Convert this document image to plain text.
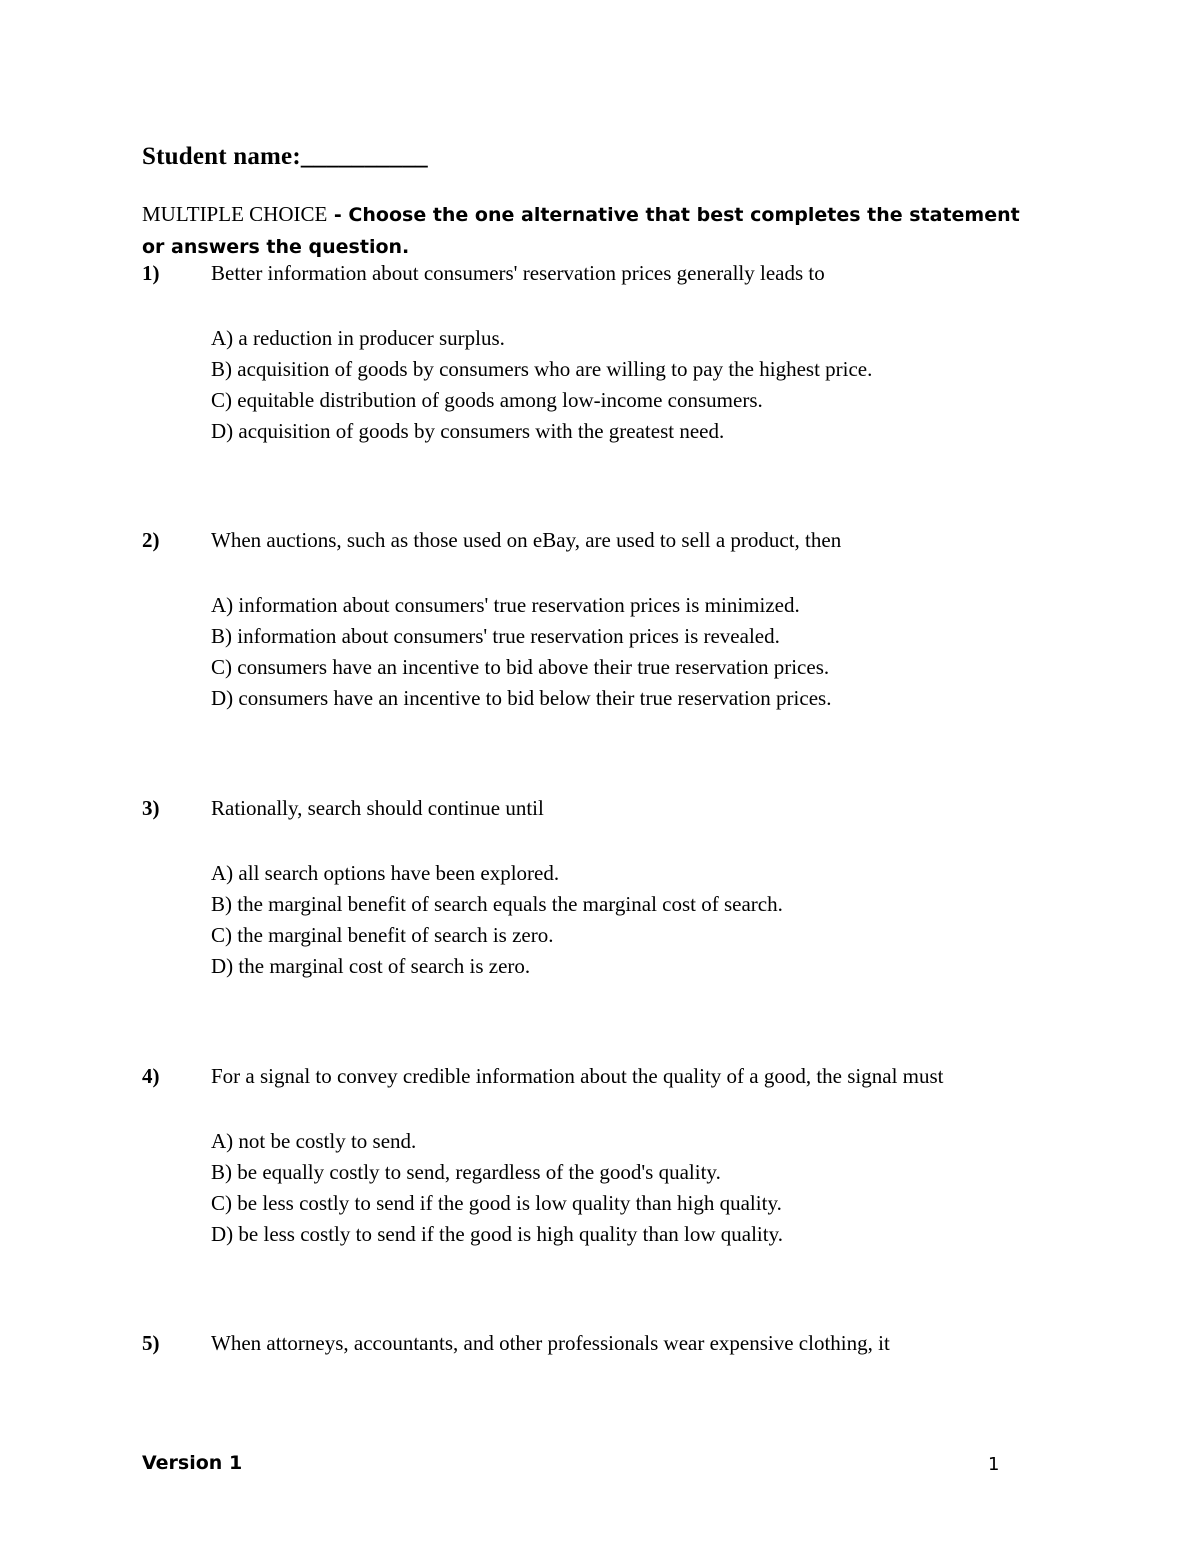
Student name:__________
MULTIPLE CHOICE - Choose the one alternative that best completes the statement or answers the question.
1) Better information about consumers' reservation prices generally leads to
A) a reduction in producer surplus.
B) acquisition of goods by consumers who are willing to pay the highest price.
C) equitable distribution of goods among low-income consumers.
D) acquisition of goods by consumers with the greatest need.
2) When auctions, such as those used on eBay, are used to sell a product, then
A) information about consumers' true reservation prices is minimized.
B) information about consumers' true reservation prices is revealed.
C) consumers have an incentive to bid above their true reservation prices.
D) consumers have an incentive to bid below their true reservation prices.
3) Rationally, search should continue until
A) all search options have been explored.
B) the marginal benefit of search equals the marginal cost of search.
C) the marginal benefit of search is zero.
D) the marginal cost of search is zero.
4) For a signal to convey credible information about the quality of a good, the signal must
A) not be costly to send.
B) be equally costly to send, regardless of the good's quality.
C) be less costly to send if the good is low quality than high quality.
D) be less costly to send if the good is high quality than low quality.
5) When attorneys, accountants, and other professionals wear expensive clothing, it
Version 1	1
